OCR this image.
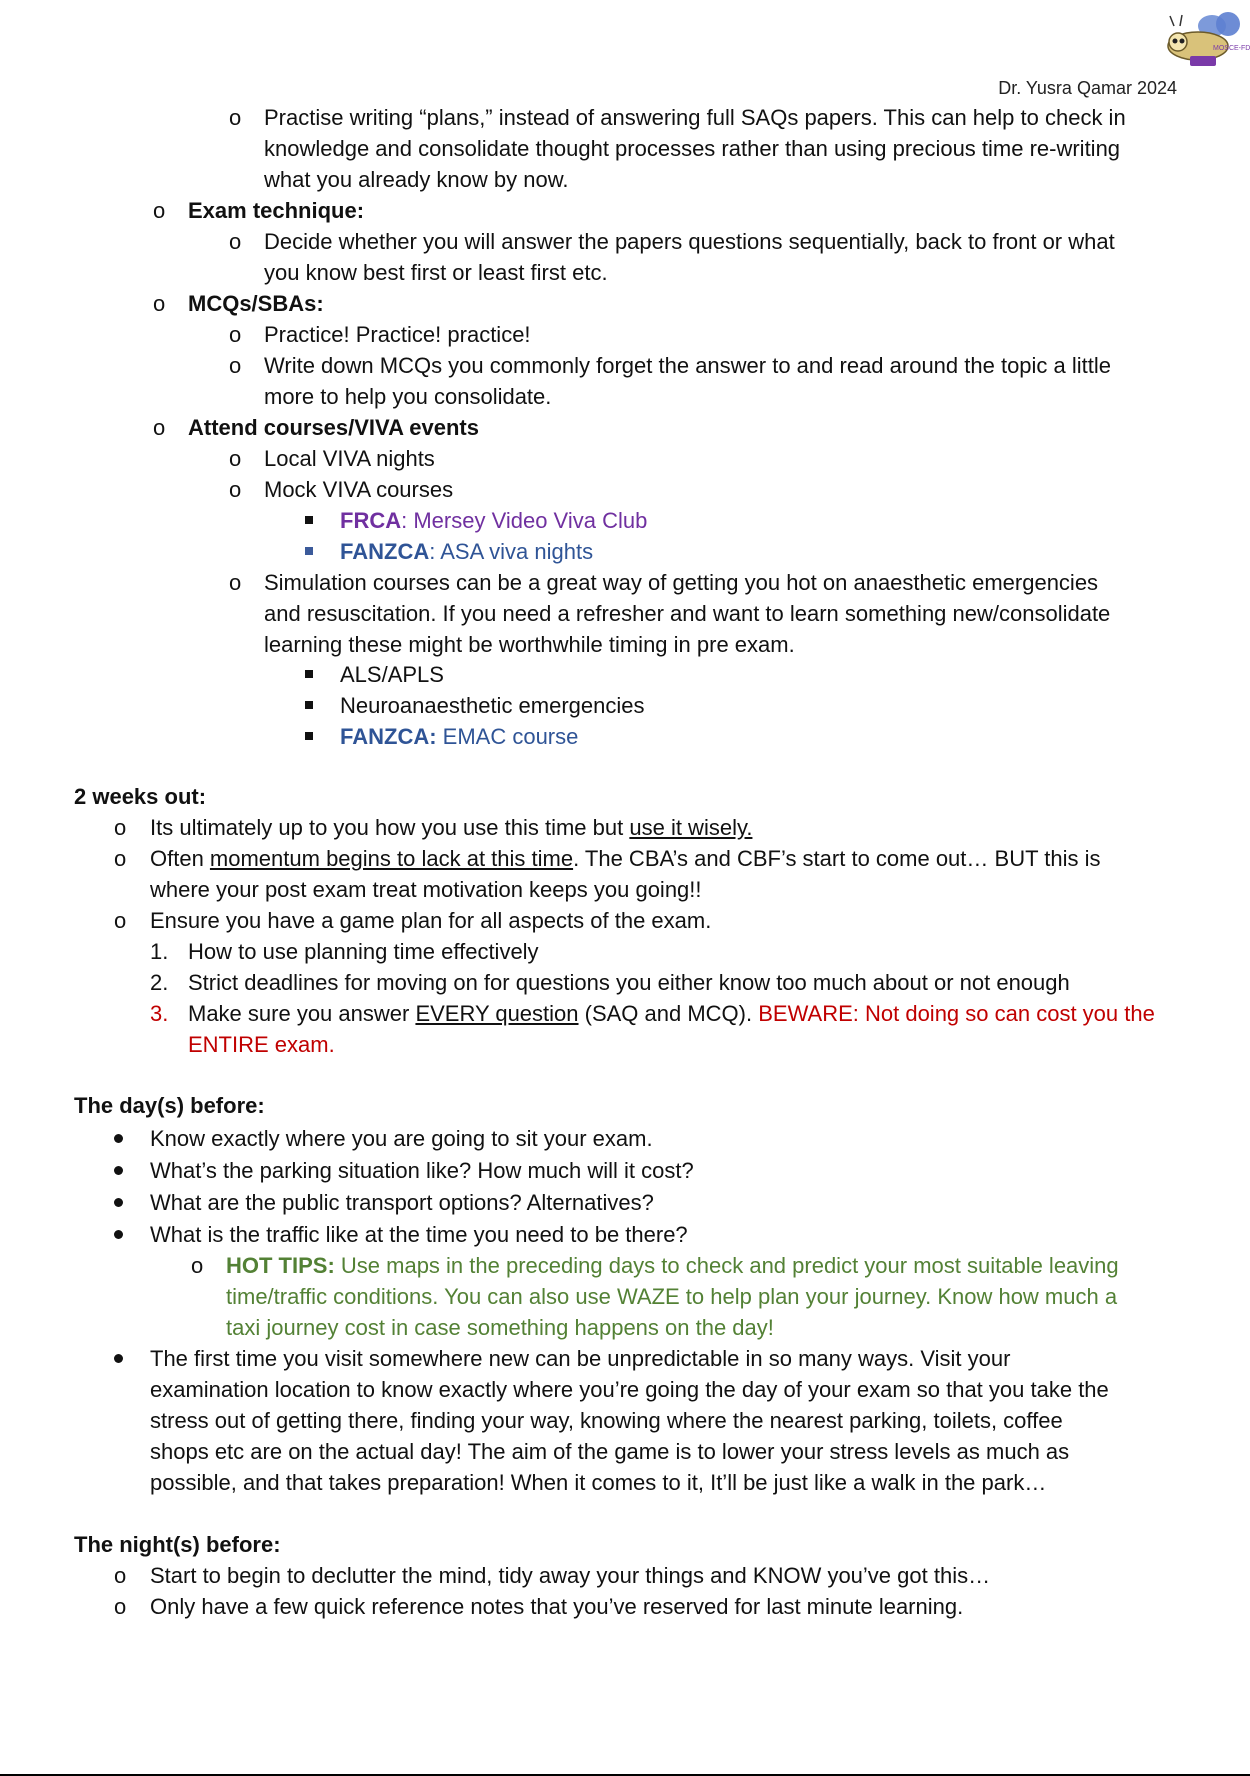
MOSCE-FD
Dr. Yusra Qamar 2024
o Practise writing “plans,” instead of answering full SAQs papers. This can help to check in
knowledge and consolidate thought processes rather than using precious time re-writing
what you already know by now.
o Exam technique:
o Decide whether you will answer the papers questions sequentially, back to front or what
you know best first or least first etc.
o MCQs/SBAs:
o Practice! Practice! practice!
o Write down MCQs you commonly forget the answer to and read around the topic a little
more to help you consolidate.
o Attend courses/VIVA events
o Local VIVA nights
o Mock VIVA courses
FRCA: Mersey Video Viva Club
FANZCA: ASA viva nights
o Simulation courses can be a great way of getting you hot on anaesthetic emergencies
and resuscitation. If you need a refresher and want to learn something new/consolidate
learning these might be worthwhile timing in pre exam.
ALS/APLS
Neuroanaesthetic emergencies
FANZCA: EMAC course
2 weeks out:
o Its ultimately up to you how you use this time but use it wisely.
o Often momentum begins to lack at this time. The CBA’s and CBF’s start to come out… BUT this is
where your post exam treat motivation keeps you going!!
o Ensure you have a game plan for all aspects of the exam.
1. How to use planning time effectively
2. Strict deadlines for moving on for questions you either know too much about or not enough
3. Make sure you answer EVERY question (SAQ and MCQ). BEWARE: Not doing so can cost you the
ENTIRE exam.
The day(s) before:
Know exactly where you are going to sit your exam.
What’s the parking situation like? How much will it cost?
What are the public transport options? Alternatives?
What is the traffic like at the time you need to be there?
o HOT TIPS: Use maps in the preceding days to check and predict your most suitable leaving
time/traffic conditions. You can also use WAZE to help plan your journey. Know how much a
taxi journey cost in case something happens on the day!
The first time you visit somewhere new can be unpredictable in so many ways. Visit your
examination location to know exactly where you’re going the day of your exam so that you take the
stress out of getting there, finding your way, knowing where the nearest parking, toilets, coffee
shops etc are on the actual day! The aim of the game is to lower your stress levels as much as
possible, and that takes preparation! When it comes to it, It’ll be just like a walk in the park…
The night(s) before:
o Start to begin to declutter the mind, tidy away your things and KNOW you’ve got this…
o Only have a few quick reference notes that you’ve reserved for last minute learning.
